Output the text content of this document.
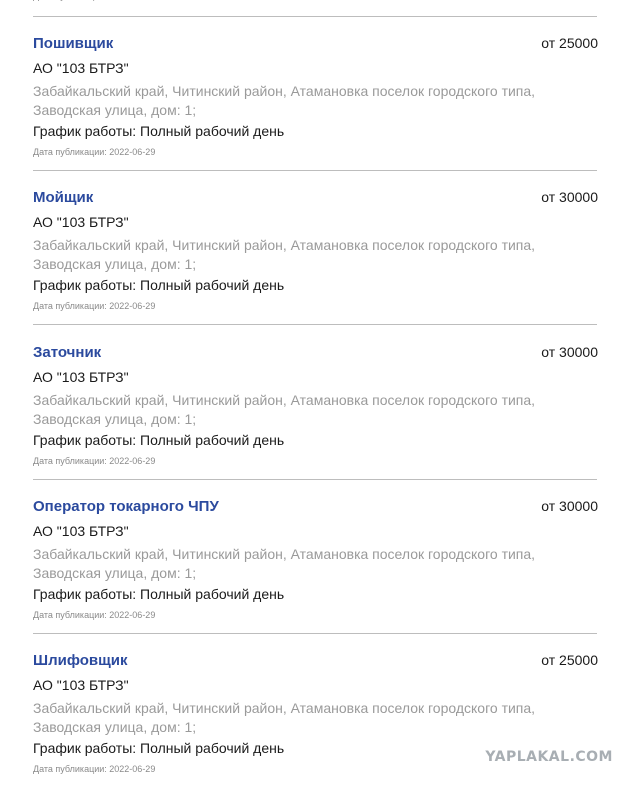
Пошивщик	от 25000
АО "103 БТРЗ"
Забайкальский край, Читинский район, Атамановка поселок городского типа, Заводская улица, дом: 1;
График работы: Полный рабочий день
Дата публикации: 2022-06-29
Мойщик	от 30000
АО "103 БТРЗ"
Забайкальский край, Читинский район, Атамановка поселок городского типа, Заводская улица, дом: 1;
График работы: Полный рабочий день
Дата публикации: 2022-06-29
Заточник	от 30000
АО "103 БТРЗ"
Забайкальский край, Читинский район, Атамановка поселок городского типа, Заводская улица, дом: 1;
График работы: Полный рабочий день
Дата публикации: 2022-06-29
Оператор токарного ЧПУ	от 30000
АО "103 БТРЗ"
Забайкальский край, Читинский район, Атамановка поселок городского типа, Заводская улица, дом: 1;
График работы: Полный рабочий день
Дата публикации: 2022-06-29
Шлифовщик	от 25000
АО "103 БТРЗ"
Забайкальский край, Читинский район, Атамановка поселок городского типа, Заводская улица, дом: 1;
График работы: Полный рабочий день
Дата публикации: 2022-06-29
YAPLAKAL.COM
